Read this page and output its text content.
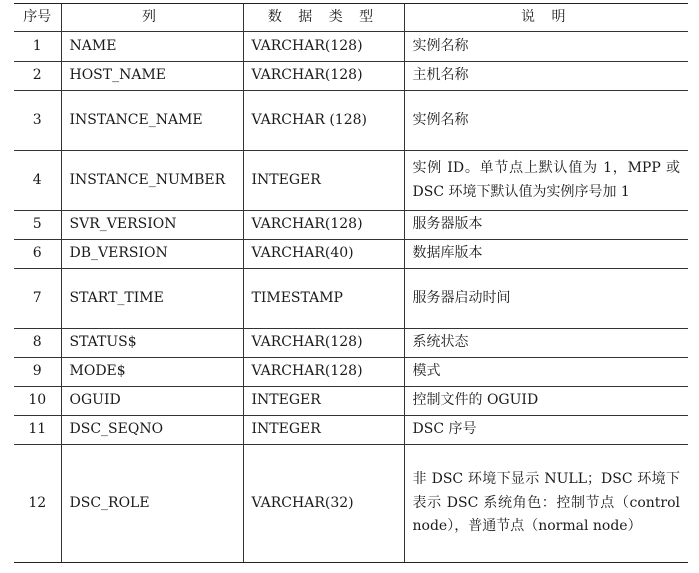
序号	列	数 据 类 型	说 明
1	NAME	VARCHAR(128)	实例名称

2	HOST_NAME	VARCHAR(128)	主机名称

3	INSTANCE_NAME	VARCHAR (128)	实例名称

4	INSTANCE_NUMBER	INTEGER	实例 ID。单节点上默认值为 1，MPP 或 DSC 环境下默认值为实例序号加 1

5	SVR_VERSION	VARCHAR(128)	服务器版本

6	DB_VERSION	VARCHAR(40)	数据库版本

7	START_TIME	TIMESTAMP	服务器启动时间

8	STATUS$	VARCHAR(128)	系统状态

9	MODE$	VARCHAR(128)	模式

10	OGUID	INTEGER	控制文件的 OGUID

11	DSC_SEQNO	INTEGER	DSC 序号

12	DSC_ROLE	VARCHAR(32)	非 DSC 环境下显示 NULL；DSC 环境下表示 DSC 系统角色：控制节点（control node），普通节点（normal node）
